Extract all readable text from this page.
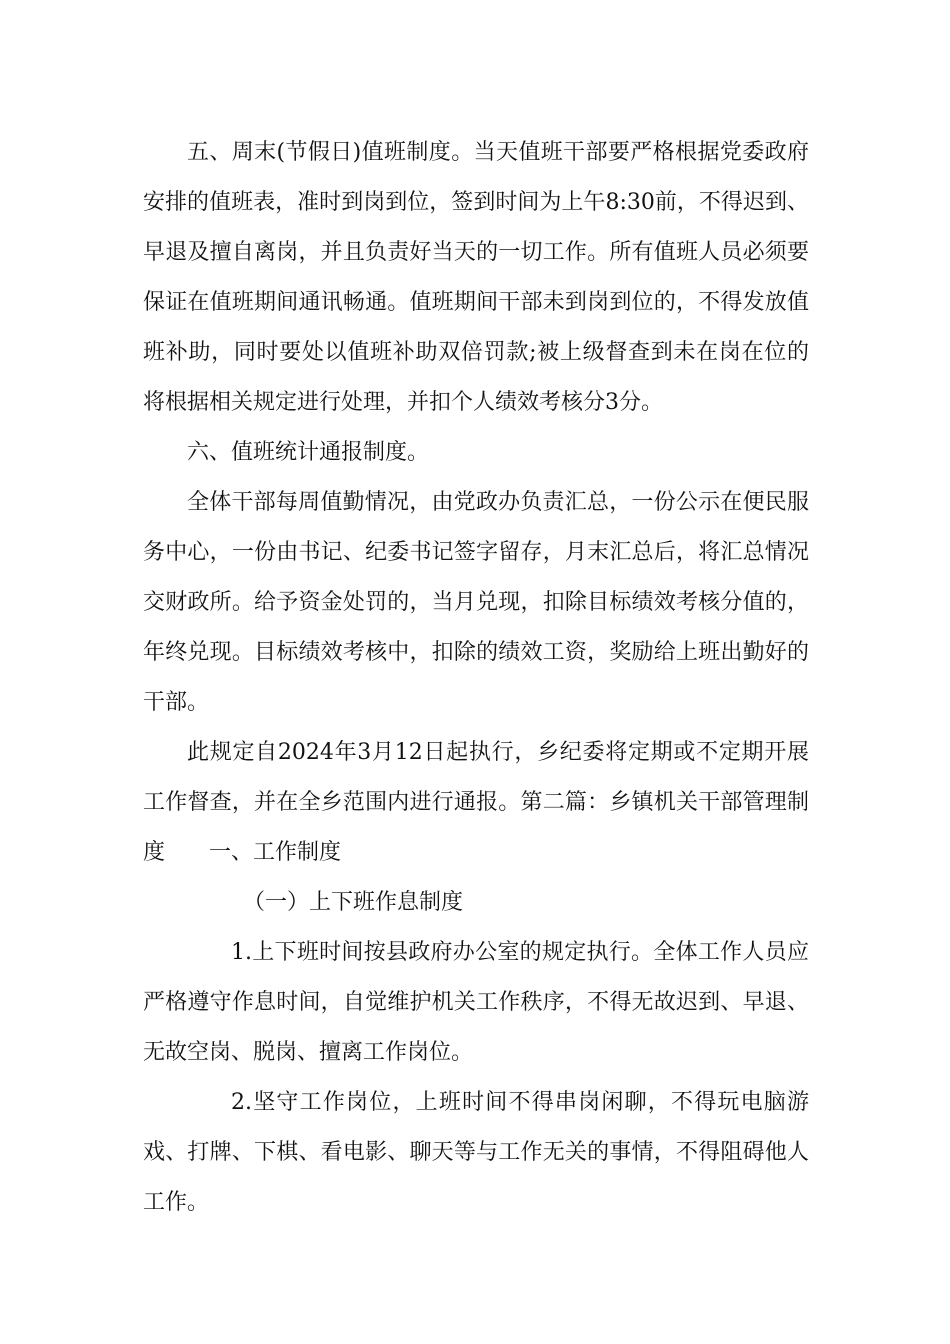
五、周末(节假日)值班制度。当天值班干部要严格根据党委政府安排的值班表，准时到岗到位，签到时间为上午8:30前，不得迟到、早退及擅自离岗，并且负责好当天的一切工作。所有值班人员必须要保证在值班期间通讯畅通。值班期间干部未到岗到位的，不得发放值班补助，同时要处以值班补助双倍罚款;被上级督查到未在岗在位的将根据相关规定进行处理，并扣个人绩效考核分3分。

六、值班统计通报制度。

全体干部每周值勤情况，由党政办负责汇总，一份公示在便民服务中心，一份由书记、纪委书记签字留存，月末汇总后，将汇总情况交财政所。给予资金处罚的，当月兑现，扣除目标绩效考核分值的，年终兑现。目标绩效考核中，扣除的绩效工资，奖励给上班出勤好的干部。

此规定自2024年3月12日起执行，乡纪委将定期或不定期开展工作督查，并在全乡范围内进行通报。第二篇：乡镇机关干部管理制度 一、工作制度

（一）上下班作息制度

1.上下班时间按县政府办公室的规定执行。全体工作人员应严格遵守作息时间，自觉维护机关工作秩序，不得无故迟到、早退、无故空岗、脱岗、擅离工作岗位。

2.坚守工作岗位，上班时间不得串岗闲聊，不得玩电脑游戏、打牌、下棋、看电影、聊天等与工作无关的事情，不得阻碍他人工作。
